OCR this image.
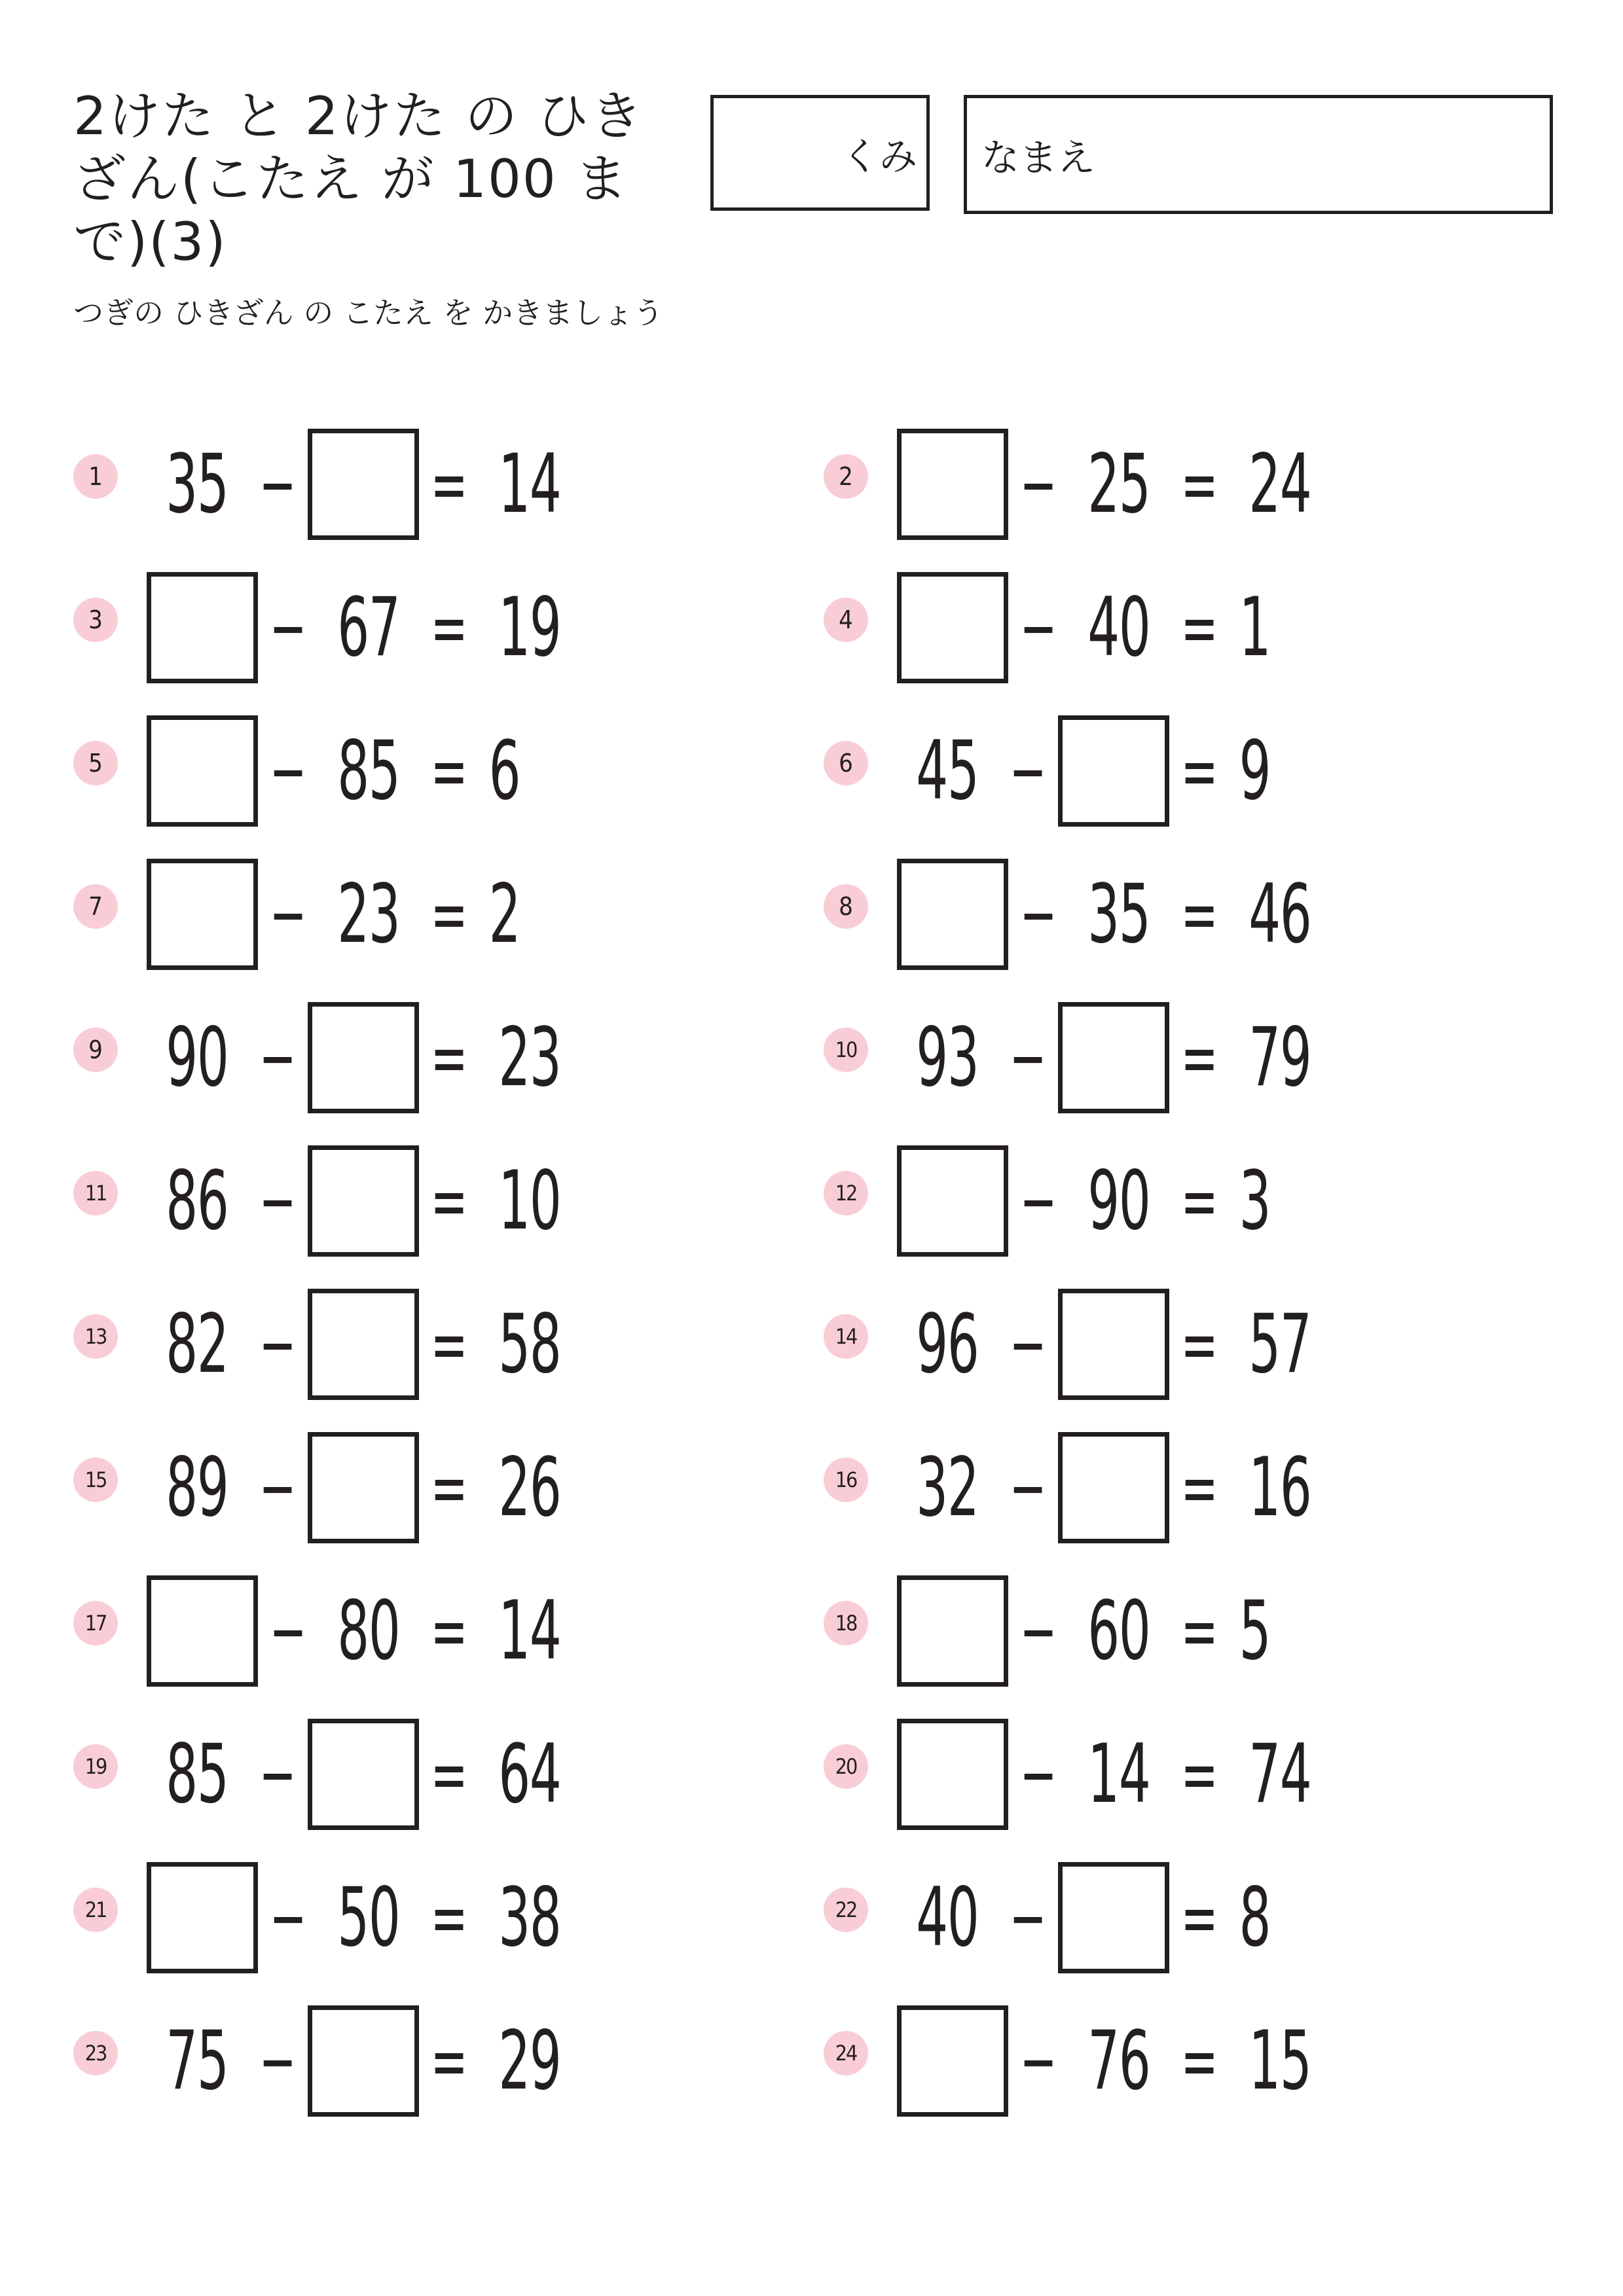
2けた と 2けた の ひきざん(こたえ が 100 まで)(3)
つぎの ひきざん の こたえ を かきましょう
くみ なまえ
1 35 − = 14	2 − 25 = 24
3 − 67 = 19	4 − 40 = 1
5 − 85 = 6	6 45 − = 9
7 − 23 = 2	8 − 35 = 46
9 90 − = 23	10 93 − = 79
11 86 − = 10	12 − 90 = 3
13 82 − = 58	14 96 − = 57
15 89 − = 26	16 32 − = 16
17 − 80 = 14	18 − 60 = 5
19 85 − = 64	20 − 14 = 74
21 − 50 = 38	22 40 − = 8
23 75 − = 29	24 − 76 = 15
